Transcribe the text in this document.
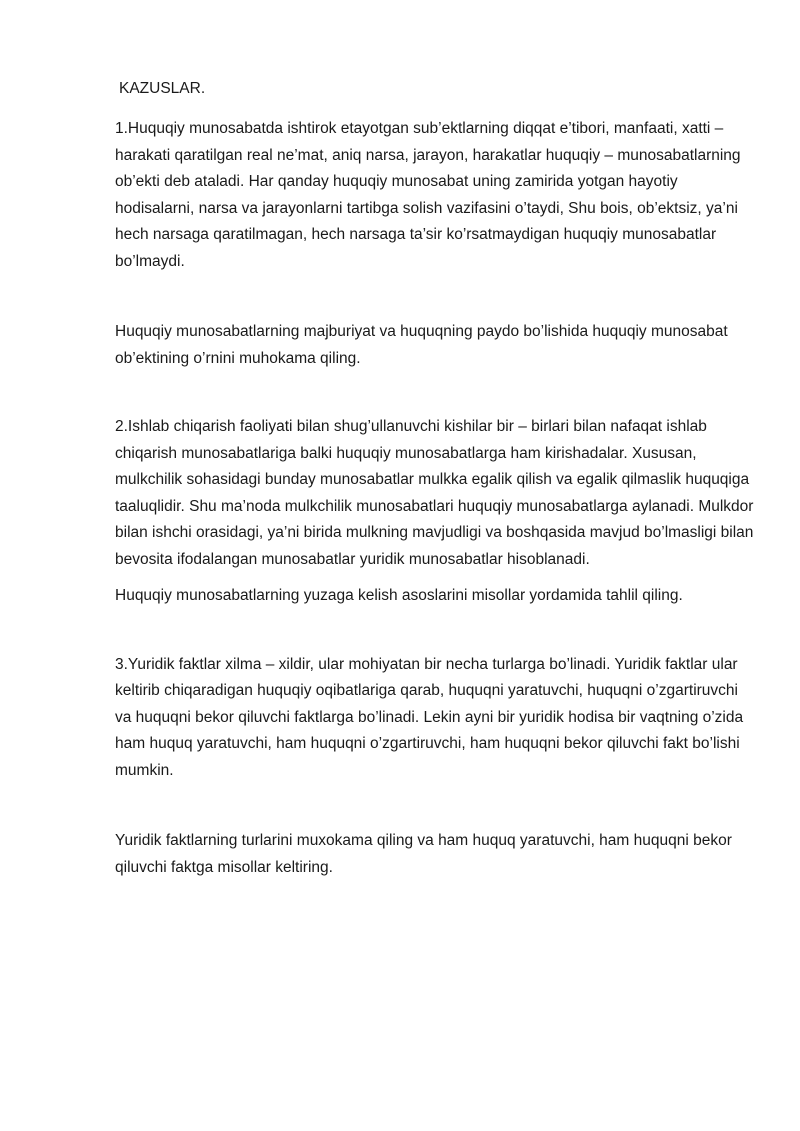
KAZUSLAR.

1.Huquqiy munosabatda ishtirok etayotgan sub’ektlarning diqqat e’tibori, manfaati, xatti –harakati qaratilgan real ne’mat, aniq narsa, jarayon, harakatlar huquqiy – munosabatlarning ob’ekti deb ataladi. Har qanday huquqiy munosabat uning zamirida yotgan hayotiy hodisalarni, narsa va jarayonlarni tartibga solish vazifasini o’taydi, Shu bois, ob’ektsiz, ya’ni hech narsaga qaratilmagan, hech narsaga ta’sir ko’rsatmaydigan huquqiy munosabatlar bo’lmaydi.

Huquqiy munosabatlarning majburiyat va huquqning paydo bo’lishida huquqiy munosabat ob’ektining o’rnini muhokama qiling.

2.Ishlab chiqarish faoliyati bilan shug’ullanuvchi kishilar bir – birlari bilan nafaqat ishlab chiqarish munosabatlariga balki huquqiy munosabatlarga ham kirishadalar. Xususan, mulkchilik sohasidagi bunday munosabatlar mulkka egalik qilish va egalik qilmaslik huquqiga taaluqlidir. Shu ma’noda mulkchilik munosabatlari huquqiy munosabatlarga aylanadi. Mulkdor bilan ishchi orasidagi, ya’ni birida mulkning mavjudligi va boshqasida mavjud bo’lmasligi bilan bevosita ifodalangan munosabatlar yuridik munosabatlar hisoblanadi.

Huquqiy munosabatlarning yuzaga kelish asoslarini misollar yordamida tahlil qiling.

3.Yuridik faktlar xilma – xildir, ular mohiyatan bir necha turlarga bo’linadi. Yuridik faktlar ular keltirib chiqaradigan huquqiy oqibatlariga qarab, huquqni yaratuvchi, huquqni o’zgartiruvchi va huquqni bekor qiluvchi faktlarga bo’linadi. Lekin ayni bir yuridik hodisa bir vaqtning o’zida ham huquq yaratuvchi, ham huquqni o’zgartiruvchi, ham huquqni bekor qiluvchi fakt bo’lishi mumkin.

Yuridik faktlarning turlarini muxokama qiling va ham huquq yaratuvchi, ham huquqni bekor qiluvchi faktga misollar keltiring.
